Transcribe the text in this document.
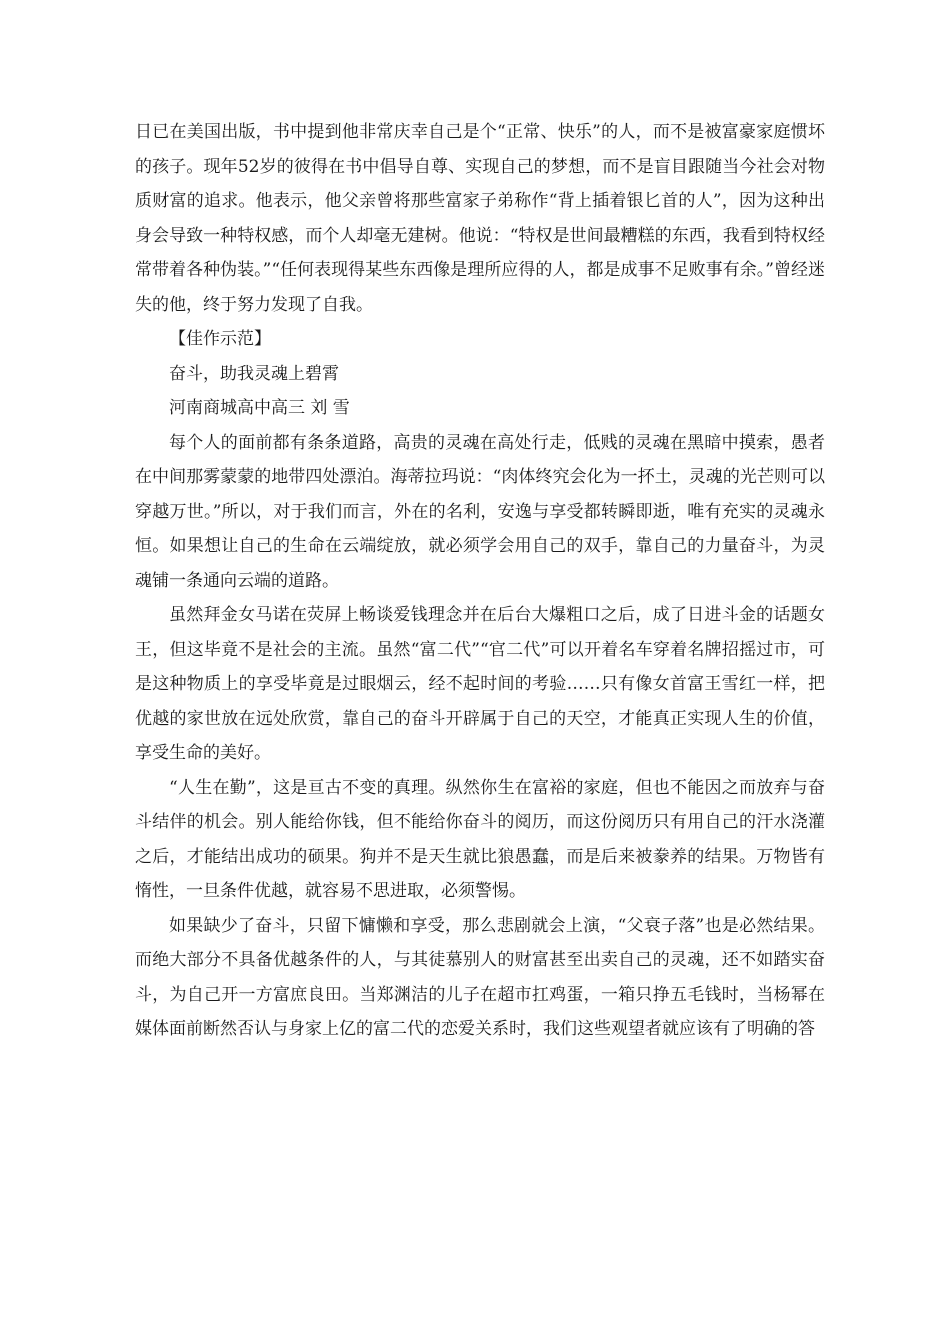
日已在美国出版，书中提到他非常庆幸自己是个“正常、快乐”的人，而不是被富豪家庭惯坏的孩子。现年52岁的彼得在书中倡导自尊、实现自己的梦想，而不是盲目跟随当今社会对物质财富的追求。他表示，他父亲曾将那些富家子弟称作“背上插着银匕首的人”，因为这种出身会导致一种特权感，而个人却毫无建树。他说：“特权是世间最糟糕的东西，我看到特权经常带着各种伪装。”“任何表现得某些东西像是理所应得的人，都是成事不足败事有余。”曾经迷失的他，终于努力发现了自我。

【佳作示范】

奋斗，助我灵魂上碧霄

河南商城高中高三 刘 雪

每个人的面前都有条条道路，高贵的灵魂在高处行走，低贱的灵魂在黑暗中摸索，愚者在中间那雾蒙蒙的地带四处漂泊。海蒂拉玛说：“肉体终究会化为一抔土，灵魂的光芒则可以穿越万世。”所以，对于我们而言，外在的名利，安逸与享受都转瞬即逝，唯有充实的灵魂永恒。如果想让自己的生命在云端绽放，就必须学会用自己的双手，靠自己的力量奋斗，为灵魂铺一条通向云端的道路。

虽然拜金女马诺在荧屏上畅谈爱钱理念并在后台大爆粗口之后，成了日进斗金的话题女王，但这毕竟不是社会的主流。虽然“富二代”“官二代”可以开着名车穿着名牌招摇过市，可是这种物质上的享受毕竟是过眼烟云，经不起时间的考验……只有像女首富王雪红一样，把优越的家世放在远处欣赏，靠自己的奋斗开辟属于自己的天空，才能真正实现人生的价值，享受生命的美好。

“人生在勤”，这是亘古不变的真理。纵然你生在富裕的家庭，但也不能因之而放弃与奋斗结伴的机会。别人能给你钱，但不能给你奋斗的阅历，而这份阅历只有用自己的汗水浇灌之后，才能结出成功的硕果。狗并不是天生就比狼愚蠢，而是后来被豢养的结果。万物皆有惰性，一旦条件优越，就容易不思进取，必须警惕。

如果缺少了奋斗，只留下慵懒和享受，那么悲剧就会上演，“父衰子落”也是必然结果。而绝大部分不具备优越条件的人，与其徒慕别人的财富甚至出卖自己的灵魂，还不如踏实奋斗，为自己开一方富庶良田。当郑渊洁的儿子在超市扛鸡蛋，一箱只挣五毛钱时，当杨幂在媒体面前断然否认与身家上亿的富二代的恋爱关系时，我们这些观望者就应该有了明确的答
